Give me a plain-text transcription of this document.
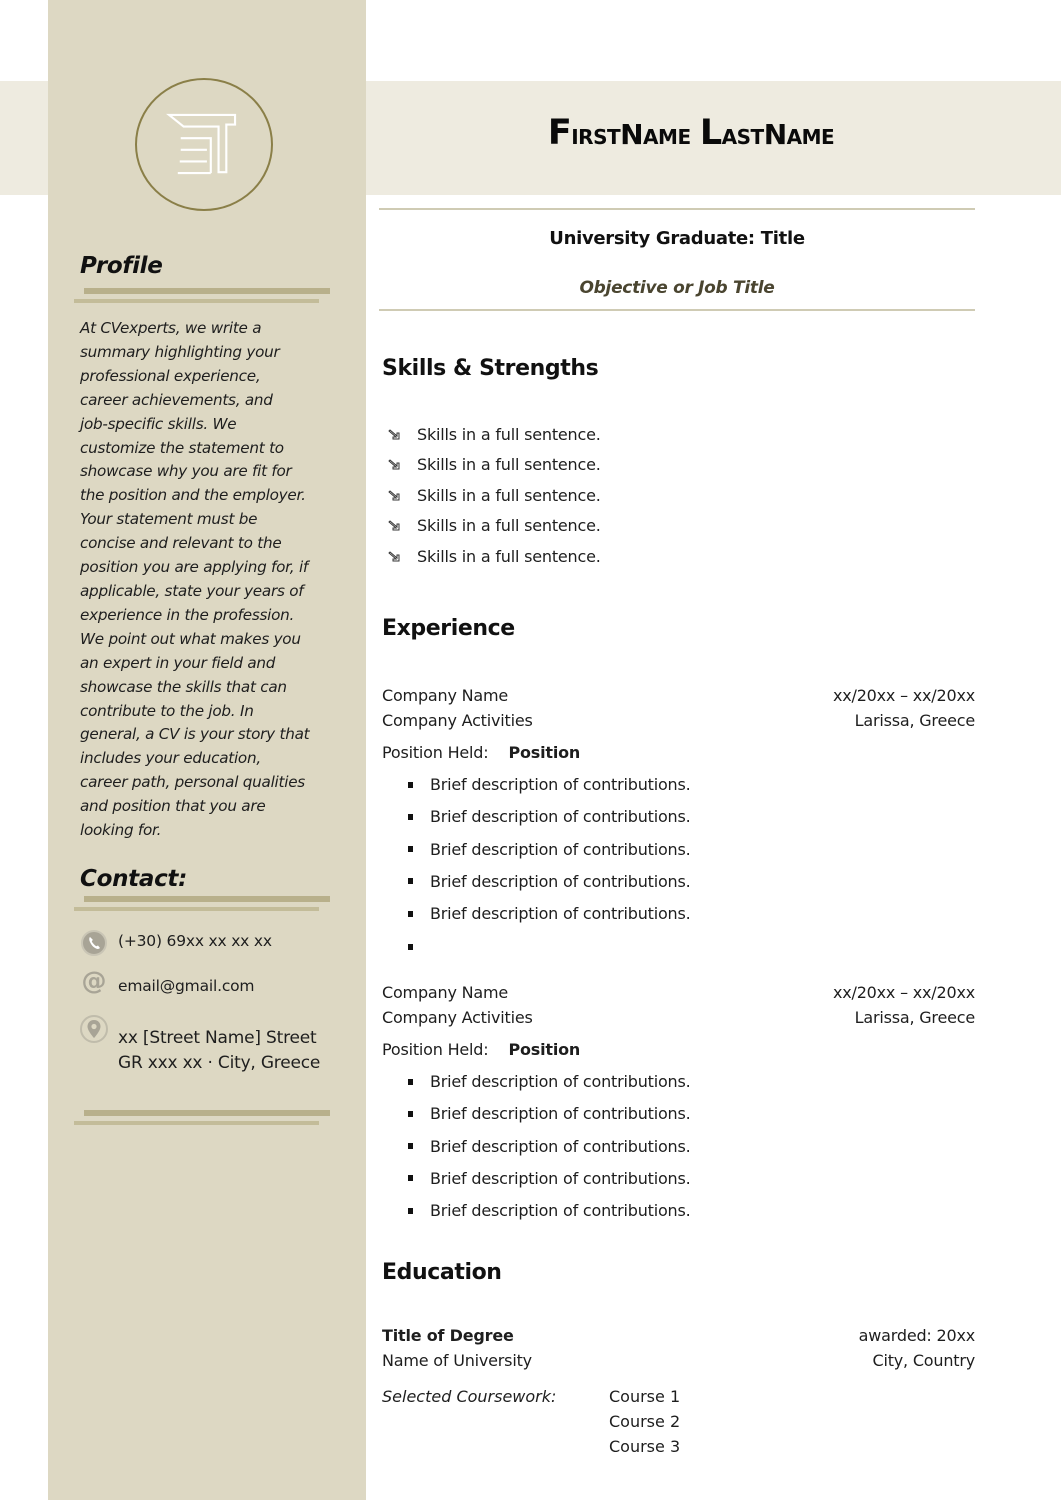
Profile
At CVexperts, we write a
summary highlighting your
professional experience,
career achievements, and
job-specific skills. We
customize the statement to
showcase why you are fit for
the position and the employer.
Your statement must be
concise and relevant to the
position you are applying for, if
applicable, state your years of
experience in the profession.
We point out what makes you
an expert in your field and
showcase the skills that can
contribute to the job. In
general, a CV is your story that
includes your education,
career path, personal qualities
and position that you are
looking for.
Contact:
(+30) 69xx xx xx xx
@ email@gmail.com
xx [Street Name] Street
GR xxx xx · City, Greece
FirstName LastName
University Graduate: Title
Objective or Job Title
Skills & Strengths
Skills in a full sentence.
Skills in a full sentence.
Skills in a full sentence.
Skills in a full sentence.
Skills in a full sentence.
Experience
Company Name	xx/20xx – xx/20xx
Company Activities	Larissa, Greece
Position Held: Position
Brief description of contributions.
Brief description of contributions.
Brief description of contributions.
Brief description of contributions.
Brief description of contributions.
Company Name	xx/20xx – xx/20xx
Company Activities	Larissa, Greece
Position Held: Position
Brief description of contributions.
Brief description of contributions.
Brief description of contributions.
Brief description of contributions.
Brief description of contributions.
Education
Title of Degree	awarded: 20xx
Name of University	City, Country
Selected Coursework:	Course 1
Course 2
Course 3
